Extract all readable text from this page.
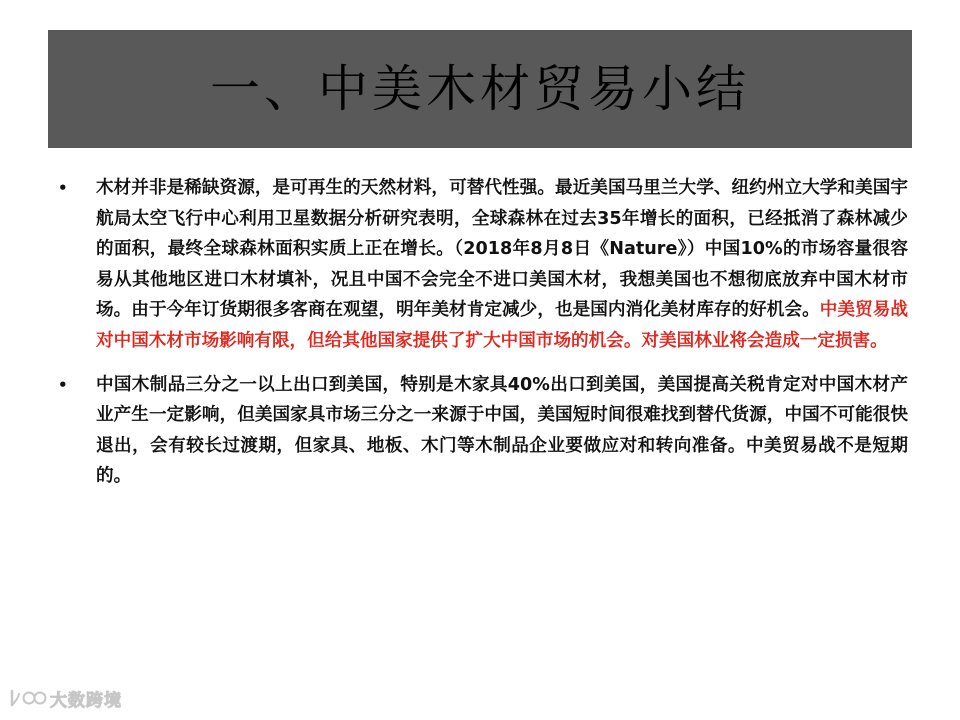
一、中美木材贸易小结
• 木材并非是稀缺资源，是可再生的天然材料，可替代性强。最近美国马里兰大学、纽约州立大学和美国宇航局太空飞行中心利用卫星数据分析研究表明，全球森林在过去35年增长的面积，已经抵消了森林减少的面积，最终全球森林面积实质上正在增长。（2018年8月8日《Nature》）中国10%的市场容量很容易从其他地区进口木材填补，况且中国不会完全不进口美国木材，我想美国也不想彻底放弃中国木材市场。由于今年订货期很多客商在观望，明年美材肯定减少，也是国内消化美材库存的好机会。中美贸易战对中国木材市场影响有限，但给其他国家提供了扩大中国市场的机会。对美国林业将会造成一定损害。
• 中国木制品三分之一以上出口到美国，特别是木家具40%出口到美国，美国提高关税肯定对中国木材产业产生一定影响，但美国家具市场三分之一来源于中国，美国短时间很难找到替代货源，中国不可能很快退出，会有较长过渡期，但家具、地板、木门等木制品企业要做应对和转向准备。中美贸易战不是短期的。
大数跨境
